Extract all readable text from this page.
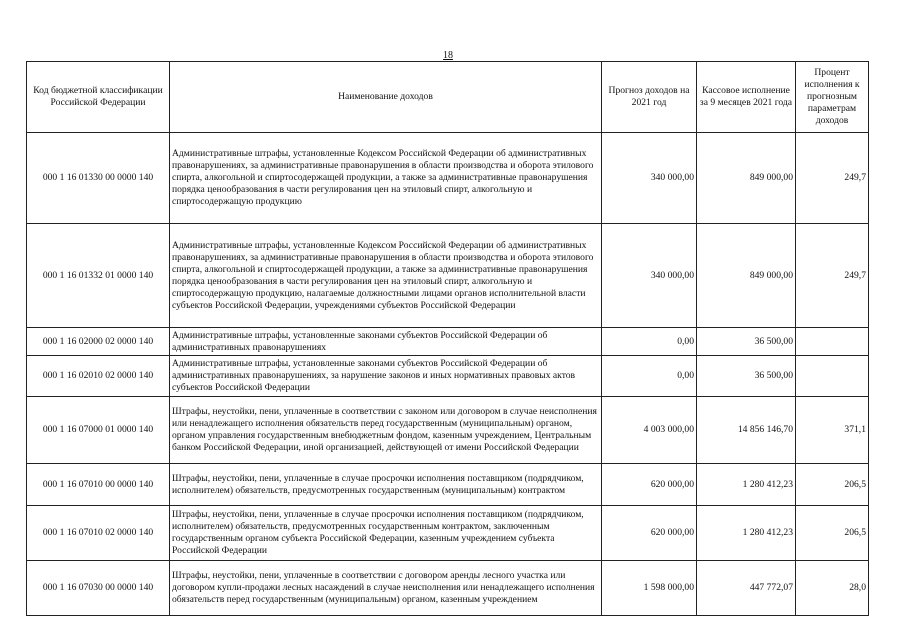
18
Код бюджетной классификации Российской Федерации	Наименование доходов	Прогноз доходов на 2021 год	Кассовое исполнение за 9 месяцев 2021 года	Процент исполнения к прогнозным параметрам доходов
000 1 16 01330 00 0000 140	Административные штрафы, установленные Кодексом Российской Федерации об административных правонарушениях, за административные правонарушения в области производства и оборота этилового спирта, алкогольной и спиртосодержащей продукции, а также за административные правонарушения порядка ценообразования в части регулирования цен на этиловый спирт, алкогольную и спиртосодержащую продукцию	340 000,00	849 000,00	249,7
000 1 16 01332 01 0000 140	Административные штрафы, установленные Кодексом Российской Федерации об административных правонарушениях, за административные правонарушения в области производства и оборота этилового спирта, алкогольной и спиртосодержащей продукции, а также за административные правонарушения порядка ценообразования в части регулирования цен на этиловый спирт, алкогольную и спиртосодержащую продукцию, налагаемые должностными лицами органов исполнительной власти субъектов Российской Федерации, учреждениями субъектов Российской Федерации	340 000,00	849 000,00	249,7
000 1 16 02000 02 0000 140	Административные штрафы, установленные законами субъектов Российской Федерации об административных правонарушениях	0,00	36 500,00	
000 1 16 02010 02 0000 140	Административные штрафы, установленные законами субъектов Российской Федерации об административных правонарушениях, за нарушение законов и иных нормативных правовых актов субъектов Российской Федерации	0,00	36 500,00	
000 1 16 07000 01 0000 140	Штрафы, неустойки, пени, уплаченные в соответствии с законом или договором в случае неисполнения или ненадлежащего исполнения обязательств перед государственным (муниципальным) органом, органом управления государственным внебюджетным фондом, казенным учреждением, Центральным банком Российской Федерации, иной организацией, действующей от имени Российской Федерации	4 003 000,00	14 856 146,70	371,1
000 1 16 07010 00 0000 140	Штрафы, неустойки, пени, уплаченные в случае просрочки исполнения поставщиком (подрядчиком, исполнителем) обязательств, предусмотренных государственным (муниципальным) контрактом	620 000,00	1 280 412,23	206,5
000 1 16 07010 02 0000 140	Штрафы, неустойки, пени, уплаченные в случае просрочки исполнения поставщиком (подрядчиком, исполнителем) обязательств, предусмотренных государственным контрактом, заключенным государственным органом субъекта Российской Федерации, казенным учреждением субъекта Российской Федерации	620 000,00	1 280 412,23	206,5
000 1 16 07030 00 0000 140	Штрафы, неустойки, пени, уплаченные в соответствии с договором аренды лесного участка или договором купли-продажи лесных насаждений в случае неисполнения или ненадлежащего исполнения обязательств перед государственным (муниципальным) органом, казенным учреждением	1 598 000,00	447 772,07	28,0
